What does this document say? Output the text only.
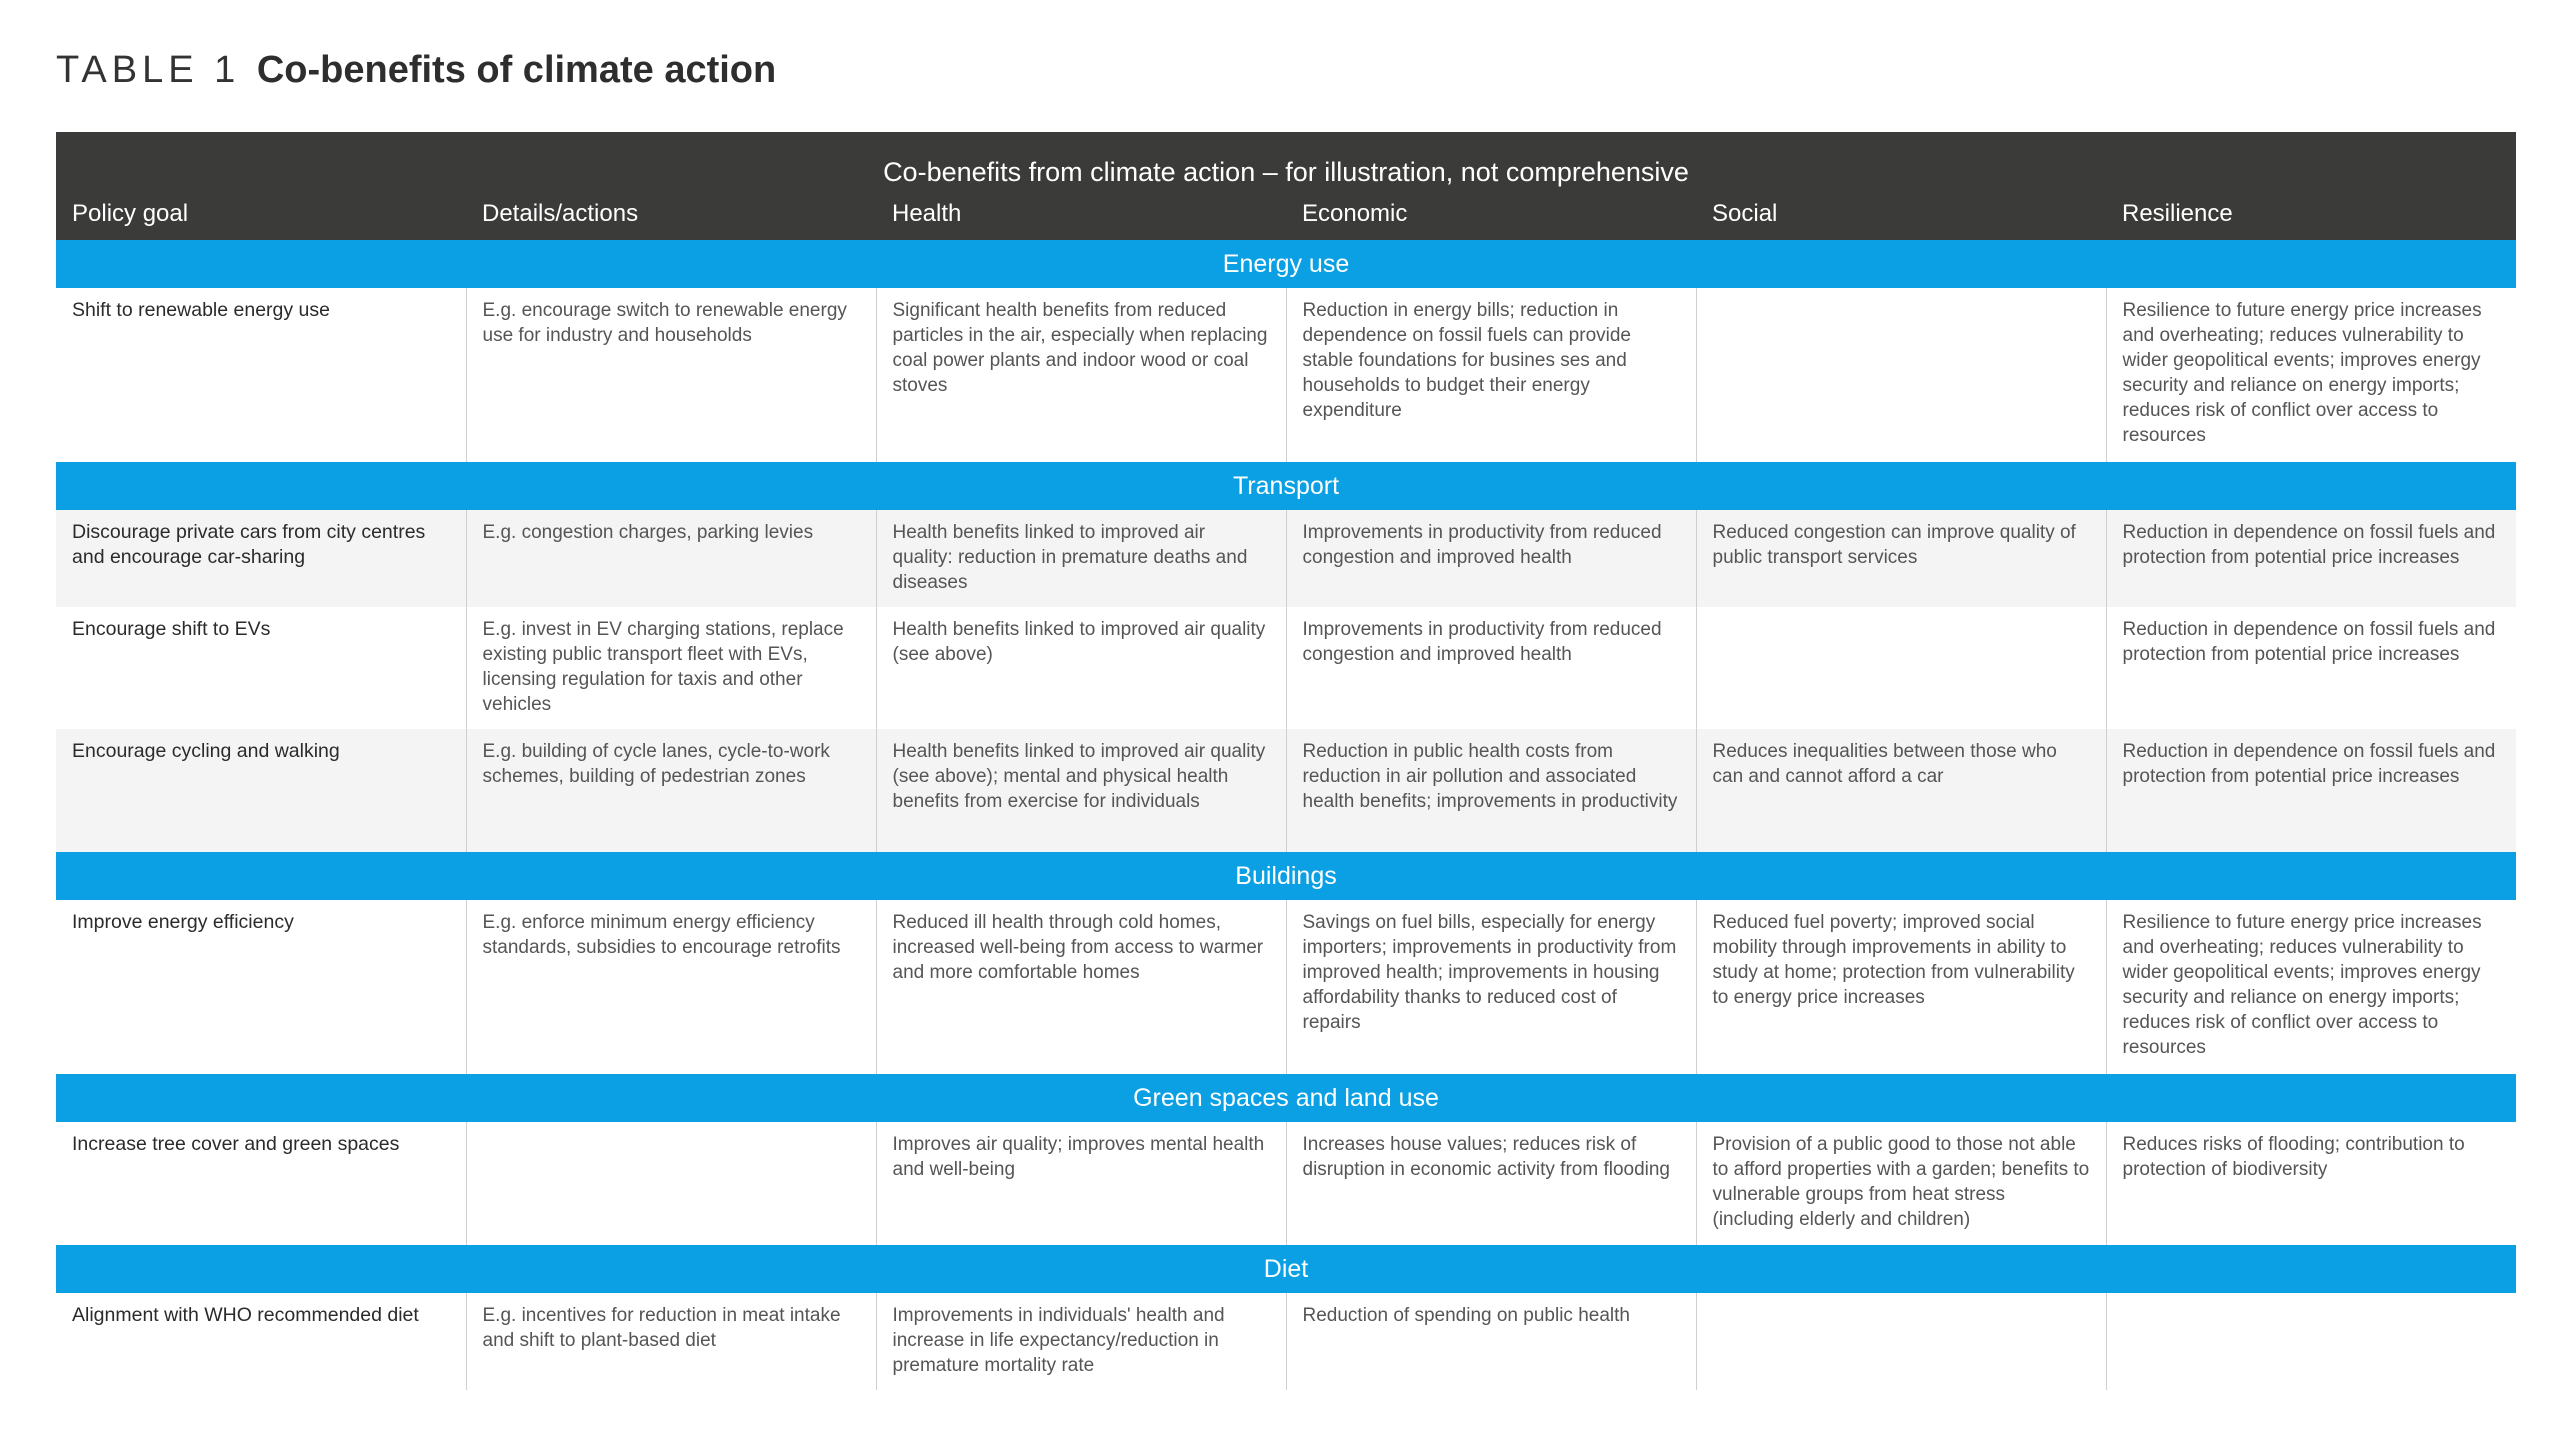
TABLE 1 Co-benefits of climate action
Co-benefits from climate action – for illustration, not comprehensive					
Policy goal	Details/actions	Health	Economic	Social	Resilience
Energy use					
Shift to renewable energy use	E.g. encourage switch to renewable energy use for industry and households	Significant health benefits from reduced particles in the air, especially when replacing coal power plants and indoor wood or coal stoves	Reduction in energy bills; reduction in dependence on fossil fuels can provide stable foundations for busines ses and households to budget their energy expenditure		Resilience to future energy price increases and overheating; reduces vulnerability to wider geopolitical events; improves energy security and reliance on energy imports; reduces risk of conflict over access to resources
Transport					
Discourage private cars from city centres and encourage car-sharing	E.g. congestion charges, parking levies	Health benefits linked to improved air quality: reduction in premature deaths and diseases	Improvements in productivity from reduced congestion and improved health	Reduced congestion can improve quality of public transport services	Reduction in dependence on fossil fuels and protection from potential price increases
Encourage shift to EVs	E.g. invest in EV charging stations, replace existing public transport fleet with EVs, licensing regulation for taxis and other vehicles	Health benefits linked to improved air quality (see above)	Improvements in productivity from reduced congestion and improved health		Reduction in dependence on fossil fuels and protection from potential price increases
Encourage cycling and walking	E.g. building of cycle lanes, cycle-to-work schemes, building of pedestrian zones	Health benefits linked to improved air quality (see above); mental and physical health benefits from exercise for individuals	Reduction in public health costs from reduction in air pollution and associated health benefits; improvements in productivity	Reduces inequalities between those who can and cannot afford a car	Reduction in dependence on fossil fuels and protection from potential price increases
Buildings					
Improve energy efficiency	E.g. enforce minimum energy efficiency standards, subsidies to encourage retrofits	Reduced ill health through cold homes, increased well-being from access to warmer and more comfortable homes	Savings on fuel bills, especially for energy importers; improvements in productivity from improved health; improvements in housing affordability thanks to reduced cost of repairs	Reduced fuel poverty; improved social mobility through improvements in ability to study at home; protection from vulnerability to energy price increases	Resilience to future energy price increases and overheating; reduces vulnerability to wider geopolitical events; improves energy security and reliance on energy imports; reduces risk of conflict over access to resources
Green spaces and land use					
Increase tree cover and green spaces		Improves air quality; improves mental health and well-being	Increases house values; reduces risk of disruption in economic activity from flooding	Provision of a public good to those not able to afford properties with a garden; benefits to vulnerable groups from heat stress (including elderly and children)	Reduces risks of flooding; contribution to protection of biodiversity
Diet					
Alignment with WHO recommended diet	E.g. incentives for reduction in meat intake and shift to plant-based diet	Improvements in individuals' health and increase in life expectancy/reduction in premature mortality rate	Reduction of spending on public health		
